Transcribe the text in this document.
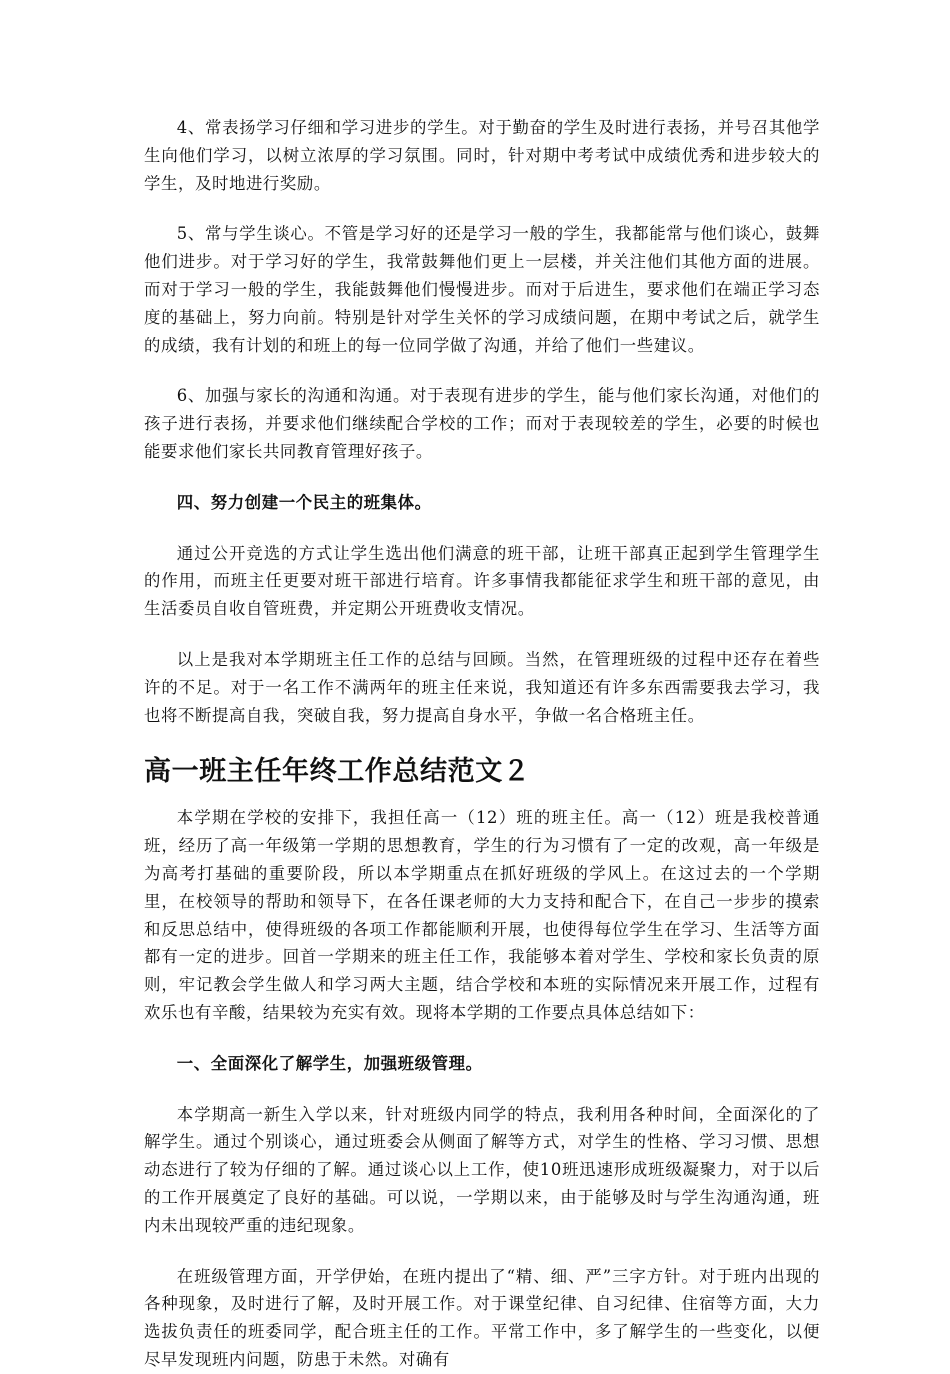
4、常表扬学习仔细和学习进步的学生。对于勤奋的学生及时进行表扬，并号召其他学生向他们学习，以树立浓厚的学习氛围。同时，针对期中考考试中成绩优秀和进步较大的学生，及时地进行奖励。

5、常与学生谈心。不管是学习好的还是学习一般的学生，我都能常与他们谈心，鼓舞他们进步。对于学习好的学生，我常鼓舞他们更上一层楼，并关注他们其他方面的进展。而对于学习一般的学生，我能鼓舞他们慢慢进步。而对于后进生，要求他们在端正学习态度的基础上，努力向前。特别是针对学生关怀的学习成绩问题，在期中考试之后，就学生的成绩，我有计划的和班上的每一位同学做了沟通，并给了他们一些建议。

6、加强与家长的沟通和沟通。对于表现有进步的学生，能与他们家长沟通，对他们的孩子进行表扬，并要求他们继续配合学校的工作；而对于表现较差的学生，必要的时候也能要求他们家长共同教育管理好孩子。

四、努力创建一个民主的班集体。

通过公开竞选的方式让学生选出他们满意的班干部，让班干部真正起到学生管理学生的作用，而班主任更要对班干部进行培育。许多事情我都能征求学生和班干部的意见，由生活委员自收自管班费，并定期公开班费收支情况。

以上是我对本学期班主任工作的总结与回顾。当然，在管理班级的过程中还存在着些许的不足。对于一名工作不满两年的班主任来说，我知道还有许多东西需要我去学习，我也将不断提高自我，突破自我，努力提高自身水平，争做一名合格班主任。

高一班主任年终工作总结范文２

本学期在学校的安排下，我担任高一（12）班的班主任。高一（12）班是我校普通班，经历了高一年级第一学期的思想教育，学生的行为习惯有了一定的改观，高一年级是为高考打基础的重要阶段，所以本学期重点在抓好班级的学风上。在这过去的一个学期里，在校领导的帮助和领导下，在各任课老师的大力支持和配合下，在自己一步步的摸索和反思总结中，使得班级的各项工作都能顺利开展，也使得每位学生在学习、生活等方面都有一定的进步。回首一学期来的班主任工作，我能够本着对学生、学校和家长负责的原则，牢记教会学生做人和学习两大主题，结合学校和本班的实际情况来开展工作，过程有欢乐也有辛酸，结果较为充实有效。现将本学期的工作要点具体总结如下：

一、全面深化了解学生，加强班级管理。

本学期高一新生入学以来，针对班级内同学的特点，我利用各种时间，全面深化的了解学生。通过个别谈心，通过班委会从侧面了解等方式，对学生的性格、学习习惯、思想动态进行了较为仔细的了解。通过谈心以上工作，使10班迅速形成班级凝聚力，对于以后的工作开展奠定了良好的基础。可以说，一学期以来，由于能够及时与学生沟通沟通，班内未出现较严重的违纪现象。

在班级管理方面，开学伊始，在班内提出了“精、细、严”三字方针。对于班内出现的各种现象，及时进行了解，及时开展工作。对于课堂纪律、自习纪律、住宿等方面，大力选拔负责任的班委同学，配合班主任的工作。平常工作中，多了解学生的一些变化，以便尽早发现班内问题，防患于未然。对确有
